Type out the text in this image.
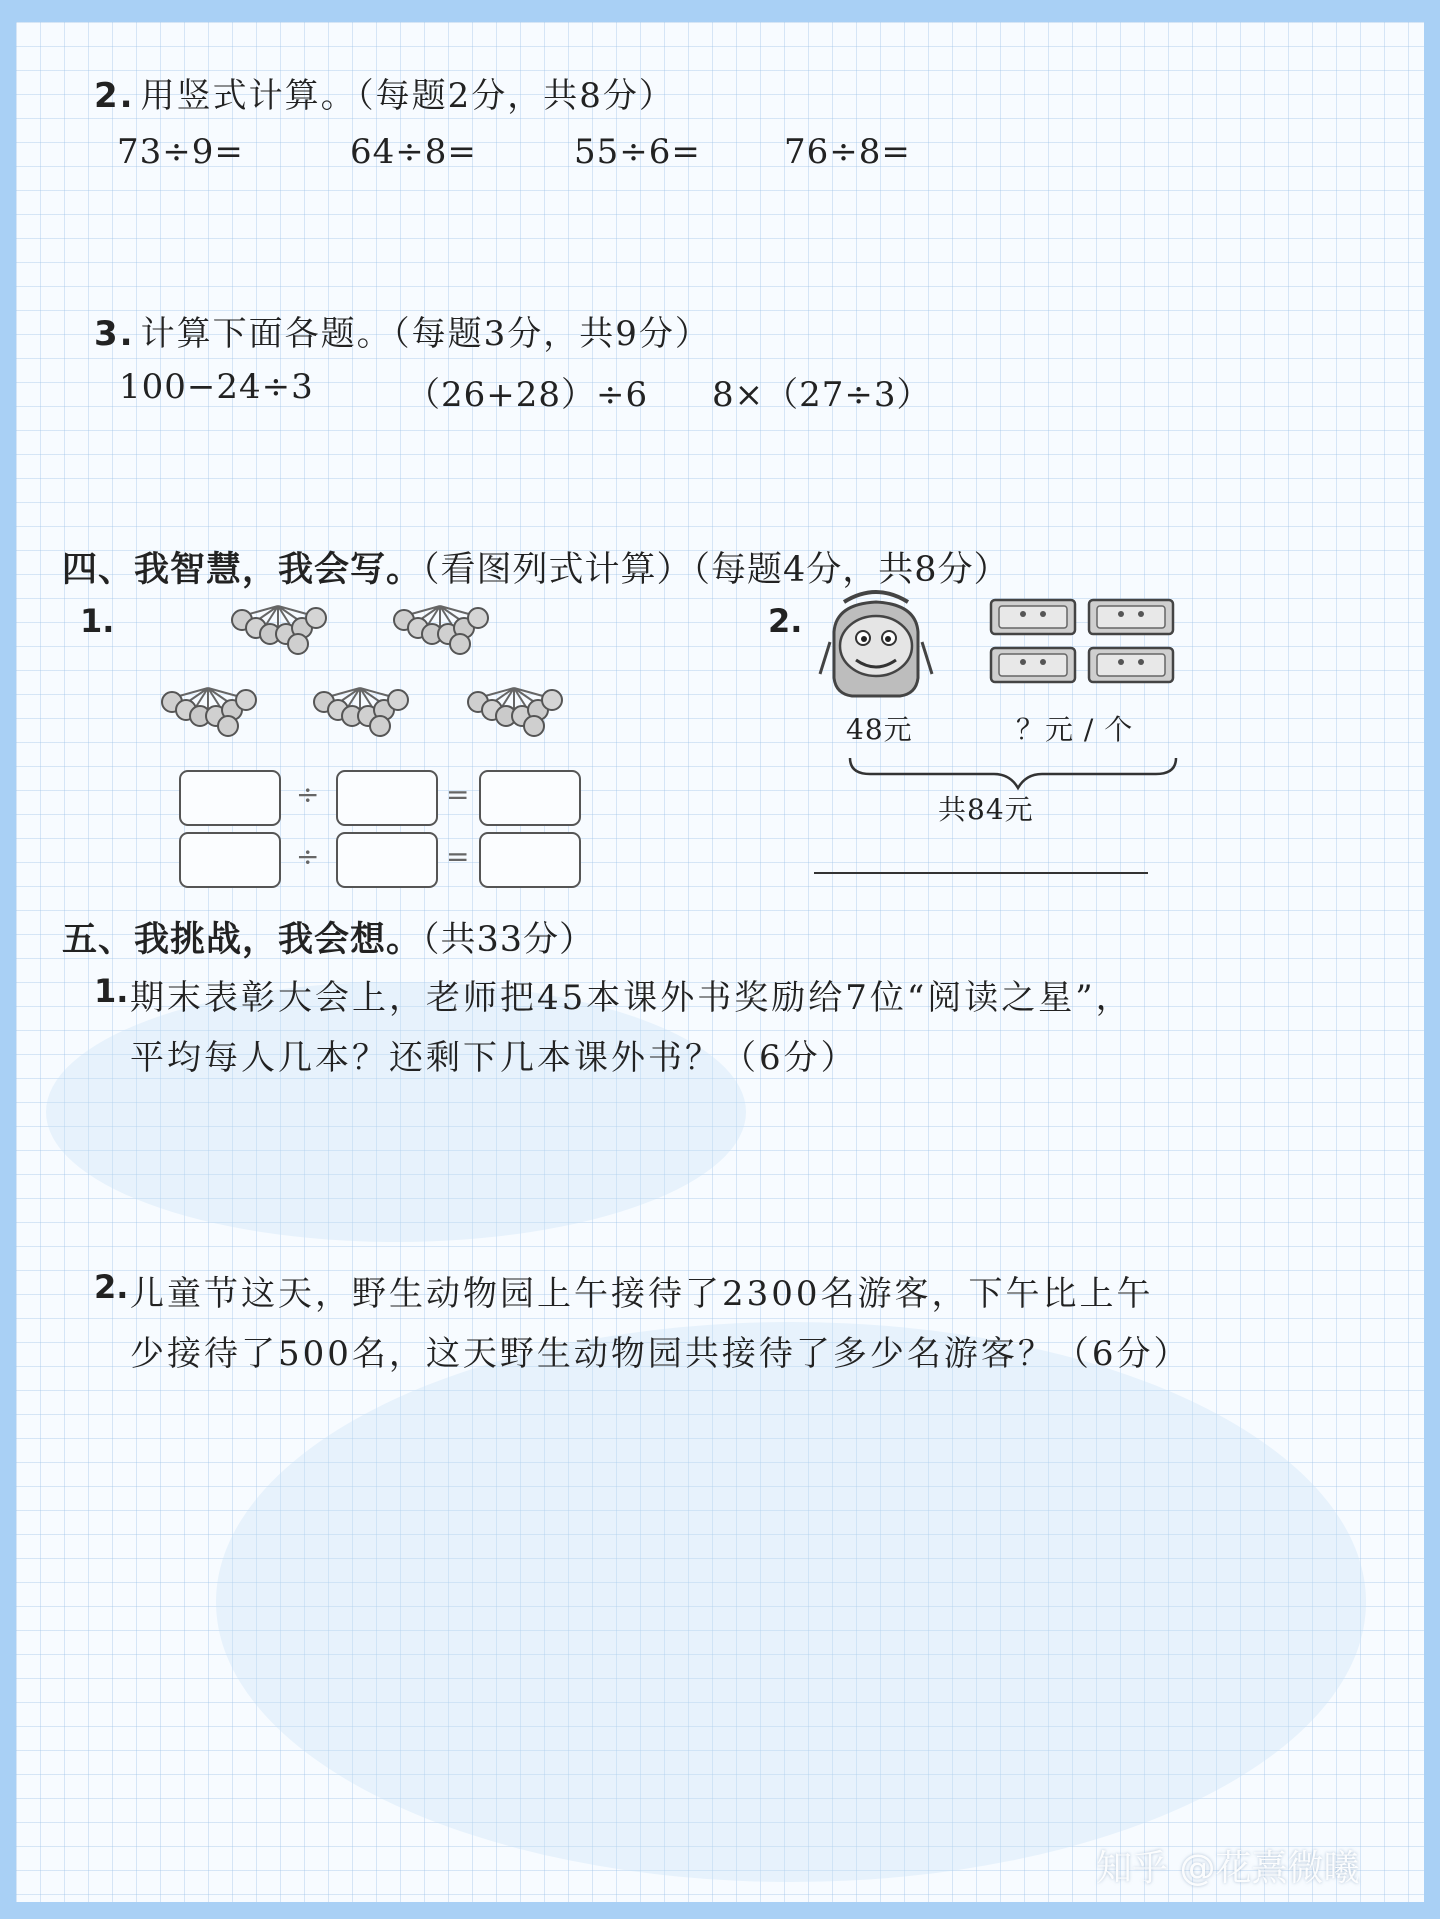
2. 用竖式计算。（每题2分，共8分）
73÷9=	64÷8=	55÷6= 76÷8=
3. 计算下面各题。（每题3分，共9分）
100−24÷3	（26+28）÷6 8×（27÷3）
四、我智慧，我会写。（看图列式计算）（每题4分，共8分）
1.
÷	=
÷	=
2.
48元	？元 / 个
共84元
五、我挑战，我会想。（共33分）
1. 期末表彰大会上，老师把45本课外书奖励给7位“阅读之星”，
平均每人几本？还剩下几本课外书？（6分）
2. 儿童节这天，野生动物园上午接待了2300名游客，下午比上午
少接待了500名，这天野生动物园共接待了多少名游客？（6分）
知乎 @花熹微曦
